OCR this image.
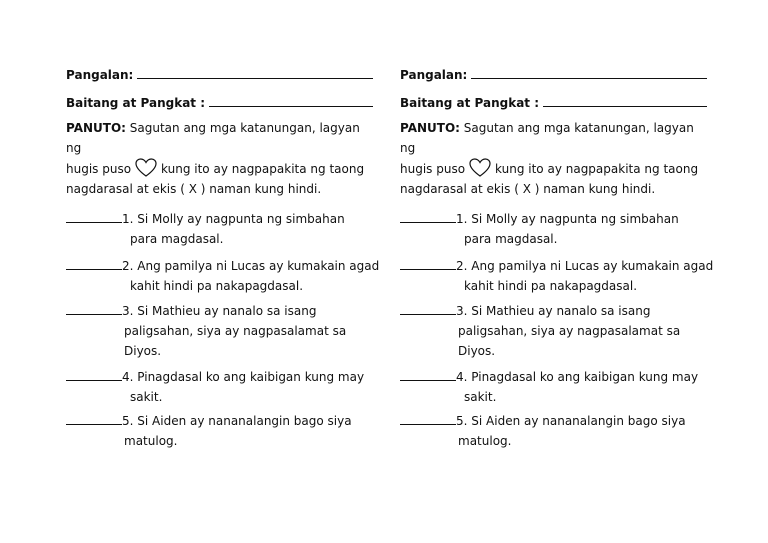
Pangalan:
Baitang at Pangkat :
PANUTO: Sagutan ang mga katanungan, lagyan ng
hugis puso	kung ito ay nagpapakita ng taong
nagdarasal at ekis ( X ) naman kung hindi.
1. Si Molly ay nagpunta ng simbahan
para magdasal.
2. Ang pamilya ni Lucas ay kumakain agad
kahit hindi pa nakapagdasal.
3. Si Mathieu ay nanalo sa isang
paligsahan, siya ay nagpasalamat sa
Diyos.
4. Pinagdasal ko ang kaibigan kung may
sakit.
5. Si Aiden ay nananalangin bago siya
matulog.
Pangalan:
Baitang at Pangkat :
PANUTO: Sagutan ang mga katanungan, lagyan ng
hugis puso	kung ito ay nagpapakita ng taong
nagdarasal at ekis ( X ) naman kung hindi.
1. Si Molly ay nagpunta ng simbahan
para magdasal.
2. Ang pamilya ni Lucas ay kumakain agad
kahit hindi pa nakapagdasal.
3. Si Mathieu ay nanalo sa isang
paligsahan, siya ay nagpasalamat sa
Diyos.
4. Pinagdasal ko ang kaibigan kung may
sakit.
5. Si Aiden ay nananalangin bago siya
matulog.
